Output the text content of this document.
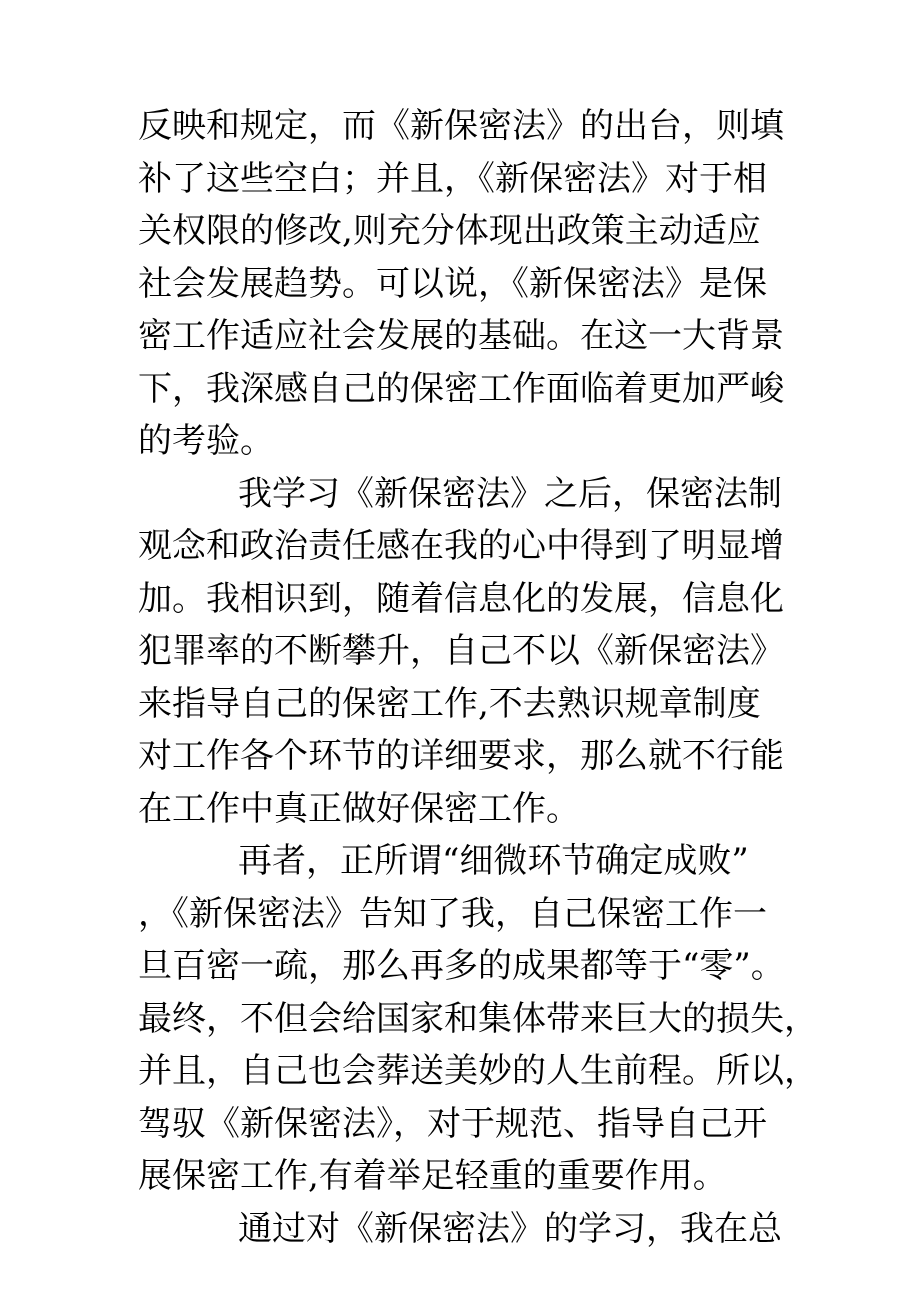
反映和规定，而《新保密法》的出台，则填
补了这些空白；并且，《新保密法》对于相
关权限的修改,则充分体现出政策主动适应
社会发展趋势。可以说，《新保密法》是保
密工作适应社会发展的基础。在这一大背景
下，我深感自己的保密工作面临着更加严峻
的考验。
我学习《新保密法》之后，保密法制
观念和政治责任感在我的心中得到了明显增
加。我相识到，随着信息化的发展，信息化
犯罪率的不断攀升，自己不以《新保密法》
来指导自己的保密工作,不去熟识规章制度
对工作各个环节的详细要求，那么就不行能
在工作中真正做好保密工作。
再者，正所谓“细微环节确定成败”
，《新保密法》告知了我，自己保密工作一
旦百密一疏，那么再多的成果都等于“零”。
最终，不但会给国家和集体带来巨大的损失，
并且，自己也会葬送美妙的人生前程。所以，
驾驭《新保密法》，对于规范、指导自己开
展保密工作,有着举足轻重的重要作用。
通过对《新保密法》的学习，我在总
